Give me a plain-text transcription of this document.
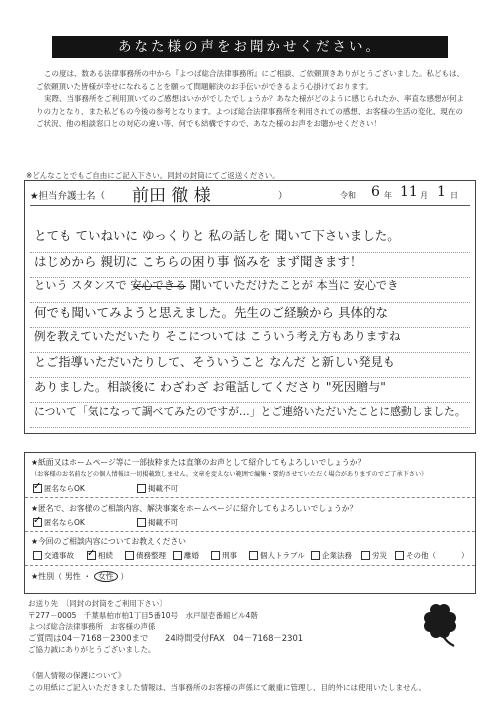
あなた様の声をお聞かせください。

この度は、数ある法律事務所の中から『よつば総合法律事務所』にご相談、ご依頼頂きありがとうございました。私どもは、ご依頼頂いた皆様が幸せになれることを願って問題解決のお手伝いができるよう心掛けております。

実際、当事務所をご利用頂いてのご感想はいかがでしたでしょうか？あなた様がどのように感じられたか、率直な感想が何よりの力となり、また私どもの今後の参考となります。よつば総合法律事務所を利用されての感想、お客様の生活の変化、現在のご状況、他の相談窓口との対応の違い等、何でも結構ですので、あなた様のお声をお聴かせください！

※どんなことでもご自由にご記入下さい。同封の封筒にてご返送ください。
★担当弁護士名（ 前田 徹 様	）	令和 6 年 11 月 1 日
とても ていねいに ゆっくりと 私の話しを 聞いて下さいました。
はじめから 親切に こちらの困り事 悩みを まず聞きます！
という スタンスで 安心できる 聞いていただけたことが 本当に 安心でき
何でも聞いてみようと思えました。先生のご経験から 具体的な
例を教えていただいたり そこについては こういう考え方もありますね
とご指導いただいたりして、そういうこと なんだ と新しい発見も
ありました。相談後に わざわざ お電話してくださり "死因贈与"
について「気になって調べてみたのですが…」とご連絡いただいたことに感動しました。
★紙面又はホームページ等に一部抜粋または直筆のお声として紹介してもよろしいでしょうか？
（お客様のお名前などの個人情報は一切掲載致しません。文章を変えない範囲で編集・要約させていただく場合がありますのでご了承下さい）
✓ 匿名ならOK	掲載不可
★匿名で、お客様のご相談内容、解決事案をホームページに紹介してもよろしいでしょうか？
✓ 匿名ならOK	掲載不可
★今回のご相談内容についてお教えください
交通事故 ✓ 相続	債務整理	離婚	刑事	個人トラブル	企業法務	労災	その他（	）
★性別（ 男性 ・ 女性 ）
お送り先　〔同封の封筒をご利用下さい〕
〒277－0005　千葉県柏市柏1丁目5番10号　水戸屋壱番館ビル4階
よつば総合法律事務所　お客様の声係
ご質問は04－7168－2300まで　　24時間受付FAX　04－7168－2301
ご協力誠にありがとうございました。
《個人情報の保護について》
この用紙にご記入いただきました情報は、当事務所のお客様の声係にて厳重に管理し、目的外には使用いたしません。
